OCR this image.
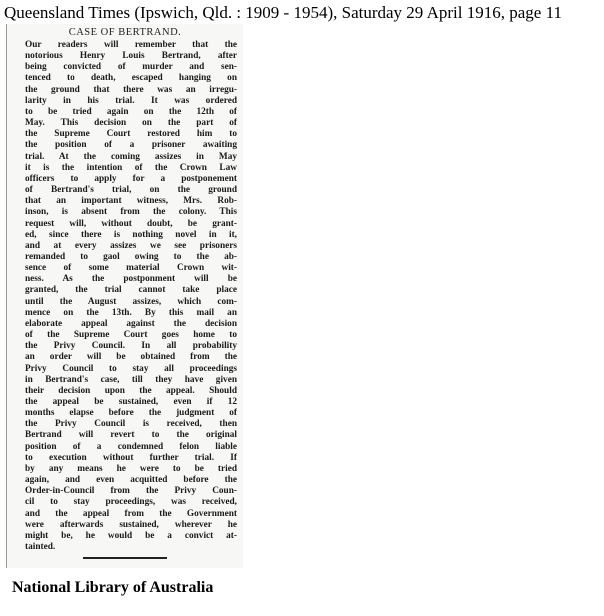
Queensland Times (Ipswich, Qld. : 1909 - 1954), Saturday 29 April 1916, page 11
CASE OF BERTRAND.
Our readers will remember that the
notorious Henry Louis Bertrand, after
being convicted of murder and sen-
tenced to death, escaped hanging on
the ground that there was an irregu-
larity in his trial. It was ordered
to be tried again on the 12th of
May. This decision on the part of
the Supreme Court restored him to
the position of a prisoner awaiting
trial. At the coming assizes in May
it is the intention of the Crown Law
officers to apply for a postponement
of Bertrand's trial, on the ground
that an important witness, Mrs. Rob-
inson, is absent from the colony. This
request will, without doubt, be grant-
ed, since there is nothing novel in it,
and at every assizes we see prisoners
remanded to gaol owing to the ab-
sence of some material Crown wit-
ness. As the postponment will be
granted, the trial cannot take place
until the August assizes, which com-
mence on the 13th. By this mail an
elaborate appeal against the decision
of the Supreme Court goes home to
the Privy Council. In all probability
an order will be obtained from the
Privy Council to stay all proceedings
in Bertrand's case, till they have given
their decision upon the appeal. Should
the appeal be sustained, even if 12
months elapse before the judgment of
the Privy Council is received, then
Bertrand will revert to the original
position of a condemned felon liable
to execution without further trial. If
by any means he were to be tried
again, and even acquitted before the
Order-in-Council from the Privy Coun-
cil to stay proceedings, was received,
and the appeal from the Government
were afterwards sustained, wherever he
might be, he would be a convict at-
tainted.
National Library of Australia
